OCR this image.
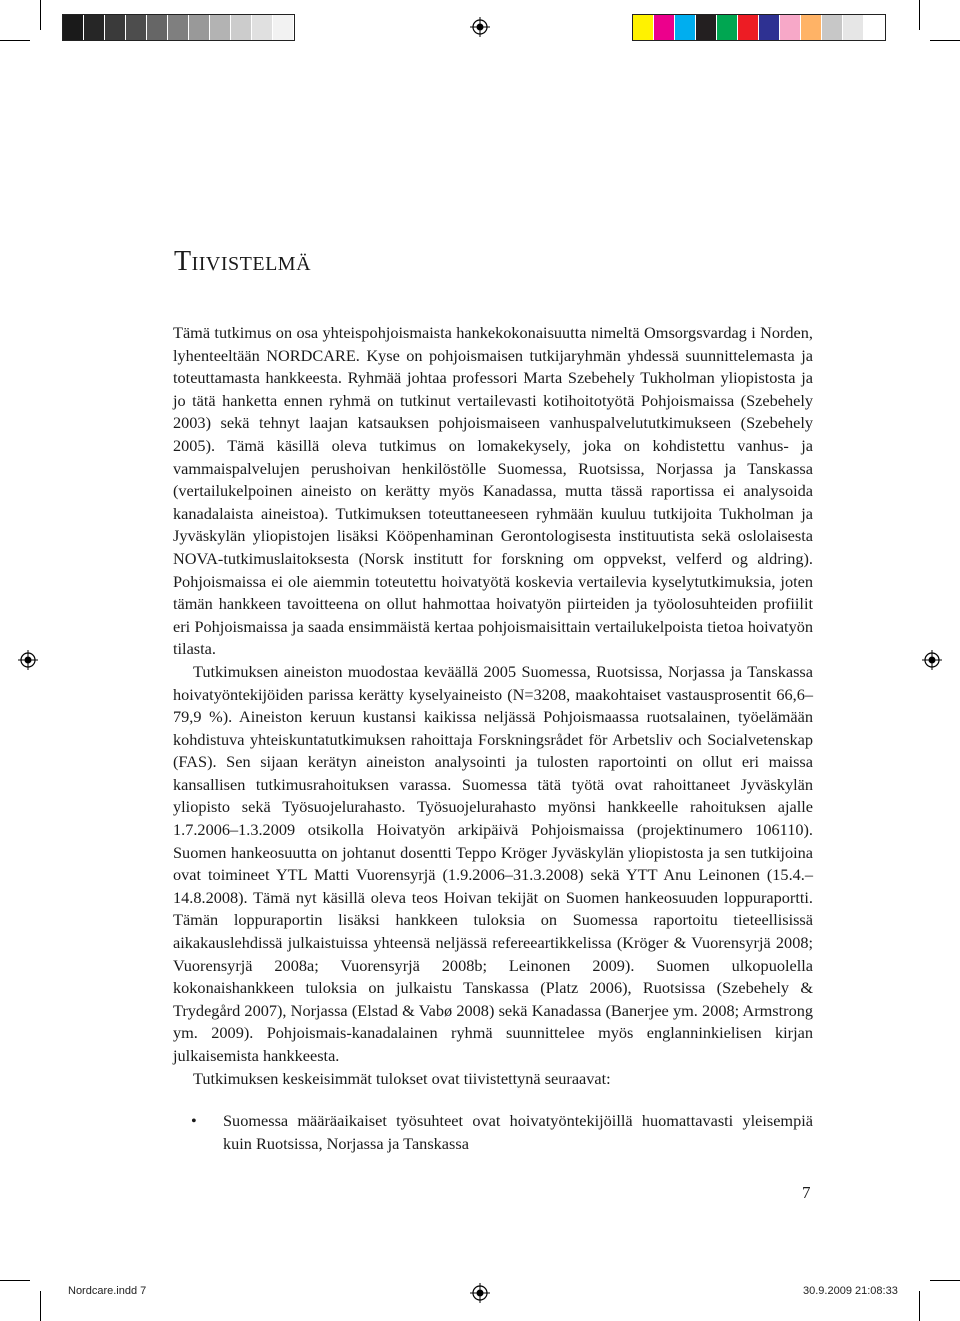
Tiivistelmä

Tämä tutkimus on osa yhteispohjoismaista hankekokonaisuutta nimeltä Omsorgsvardag i Norden, lyhenteeltään NORDCARE. Kyse on pohjoismaisen tutkijaryhmän yhdessä suunnittelemasta ja toteuttamasta hankkeesta. Ryhmää johtaa professori Marta Szebehely Tukholman yliopistosta ja jo tätä hanketta ennen ryhmä on tutkinut vertailevasti kotihoitotyötä Pohjoismaissa (Szebehely 2003) sekä tehnyt laajan katsauksen pohjoismaiseen vanhuspalvelututkimukseen (Szebehely 2005). Tämä käsillä oleva tutkimus on lomakekysely, joka on kohdistettu vanhus- ja vammaispalvelujen perushoivan henkilöstölle Suomessa, Ruotsissa, Norjassa ja Tanskassa (vertailukelpoinen aineisto on kerätty myös Kanadassa, mutta tässä raportissa ei analysoida kanadalaista aineistoa). Tutkimuksen toteuttaneeseen ryhmään kuuluu tutkijoita Tukholman ja Jyväskylän yliopistojen lisäksi Kööpenhaminan Gerontologisesta instituutista sekä oslolaisesta NOVA-tutkimuslaitoksesta (Norsk institutt for forskning om oppvekst, velferd og aldring). Pohjoismaissa ei ole aiemmin toteutettu hoivatyötä koskevia vertailevia kyselytutkimuksia, joten tämän hankkeen tavoitteena on ollut hahmottaa hoivatyön piirteiden ja työolosuhteiden profiilit eri Pohjoismaissa ja saada ensimmäistä kertaa pohjoismaisittain vertailukelpoista tietoa hoivatyön tilasta.

Tutkimuksen aineiston muodostaa keväällä 2005 Suomessa, Ruotsissa, Norjassa ja Tanskassa hoivatyöntekijöiden parissa kerätty kyselyaineisto (N=3208, maakohtaiset vastausprosentit 66,6–79,9 %). Aineiston keruun kustansi kaikissa neljässä Pohjoismaassa ruotsalainen, työelämään kohdistuva yhteiskuntatutkimuksen rahoittaja Forskningsrådet för Arbetsliv och Socialvetenskap (FAS). Sen sijaan kerätyn aineiston analysointi ja tulosten raportointi on ollut eri maissa kansallisen tutkimusrahoituksen varassa. Suomessa tätä työtä ovat rahoittaneet Jyväskylän yliopisto sekä Työsuojelurahasto. Työsuojelurahasto myönsi hankkeelle rahoituksen ajalle 1.7.2006–1.3.2009 otsikolla Hoivatyön arkipäivä Pohjoismaissa (projektinumero 106110). Suomen hankeosuutta on johtanut dosentti Teppo Kröger Jyväskylän yliopistosta ja sen tutkijoina ovat toimineet YTL Matti Vuorensyrjä (1.9.2006–31.3.2008) sekä YTT Anu Leinonen (15.4.–14.8.2008). Tämä nyt käsillä oleva teos Hoivan tekijät on Suomen hankeosuuden loppuraportti. Tämän loppuraportin lisäksi hankkeen tuloksia on Suomessa raportoitu tieteellisissä aikakauslehdissä julkaistuissa yhteensä neljässä refereeartikkelissa (Kröger & Vuorensyrjä 2008; Vuorensyrjä 2008a; Vuorensyrjä 2008b; Leinonen 2009). Suomen ulkopuolella kokonaishankkeen tuloksia on julkaistu Tanskassa (Platz 2006), Ruotsissa (Szebehely & Trydegård 2007), Norjassa (Elstad & Vabø 2008) sekä Kanadassa (Banerjee ym. 2008; Armstrong ym. 2009). Pohjoismais-kanadalainen ryhmä suunnittelee myös englanninkielisen kirjan julkaisemista hankkeesta.

Tutkimuksen keskeisimmät tulokset ovat tiivistettynä seuraavat:

• Suomessa määräaikaiset työsuhteet ovat hoivatyöntekijöillä huomattavasti yleisempiä kuin Ruotsissa, Norjassa ja Tanskassa
7
Nordcare.indd 7	30.9.2009 21:08:33
